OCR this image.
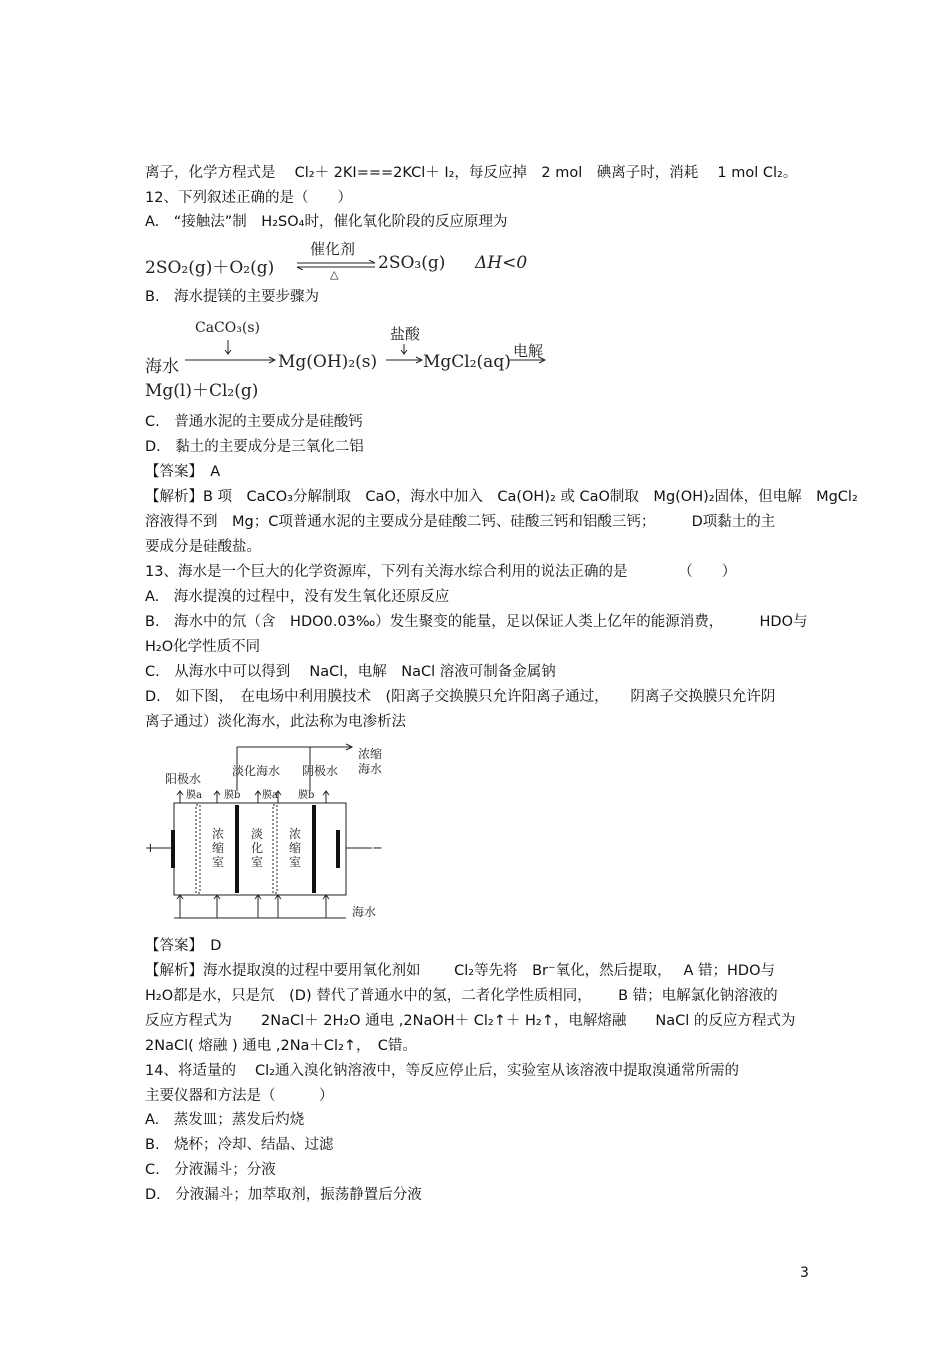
离子，化学方程式是　 Cl₂＋ 2KI===2KCl＋ I₂，每反应掉　2 mol　碘离子时，消耗　 1 mol Cl₂。
12、下列叙述正确的是（　　）
A.　“接触法”制　H₂SO₄时，催化氧化阶段的反应原理为
2SO₂(g)＋O₂(g)
催化剂
△
2SO₃(g) ΔH<0
B.　海水提镁的主要步骤为
CaCO₃(s)
海水	Mg(OH)₂(s)
盐酸
MgCl₂(aq)
电解
Mg(l)＋Cl₂(g)
C.　普通水泥的主要成分是硅酸钙
D.　黏土的主要成分是三氧化二铝
【答案】　A
【解析】B 项　CaCO₃分解制取　CaO，海水中加入　Ca(OH)₂ 或 CaO制取　Mg(OH)₂固体，但电解　MgCl₂
溶液得不到　Mg；C项普通水泥的主要成分是硅酸二钙、硅酸三钙和铝酸三钙；　　　D项黏土的主
要成分是硅酸盐。
13、海水是一个巨大的化学资源库，下列有关海水综合利用的说法正确的是　　　　（　　）
A.　海水提溴的过程中，没有发生氧化还原反应
B.　海水中的氘（含　HDO0.03‰）发生聚变的能量，足以保证人类上亿年的能源消费，　　　HDO与
H₂O化学性质不同
C.　从海水中可以得到　 NaCl，电解　NaCl 溶液可制备金属钠
D.　如下图，　在电场中利用膜技术　(阳离子交换膜只允许阳离子通过，　　阴离子交换膜只允许阴
离子通过）淡化海水，此法称为电渗析法
阳极水
淡化海水 阴极水
浓缩
海水
膜a 膜b 膜a 膜b
浓
缩
室
淡
化
室
浓
缩
室
+	−
海水
【答案】　D
【解析】海水提取溴的过程中要用氧化剂如　　 Cl₂等先将　Br⁻氧化，然后提取，　 A 错；HDO与
H₂O都是水，只是氘　(D) 替代了普通水中的氢，二者化学性质相同，　　 B 错；电解氯化钠溶液的
反应方程式为　　2NaCl＋ 2H₂O 通电 ,2NaOH＋ Cl₂↑＋ H₂↑，电解熔融　　NaCl 的反应方程式为
2NaCl( 熔融 ) 通电 ,2Na＋Cl₂↑，　C错。
14、将适量的　 Cl₂通入溴化钠溶液中，等反应停止后，实验室从该溶液中提取溴通常所需的
主要仪器和方法是（　　　）
A.　蒸发皿；蒸发后灼烧
B.　烧杯；冷却、结晶、过滤
C.　分液漏斗；分液
D.　分液漏斗；加萃取剂，振荡静置后分液
3
